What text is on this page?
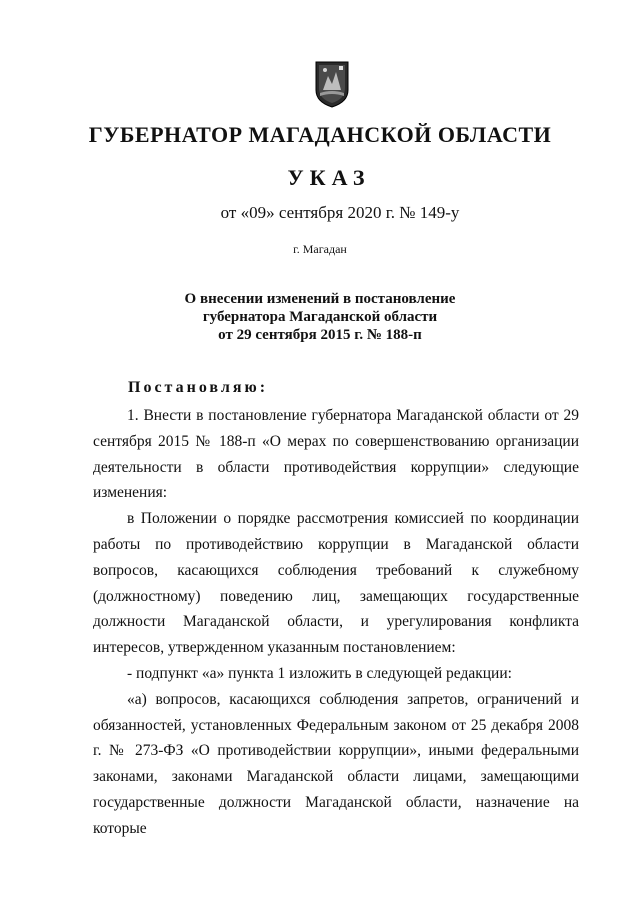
ГУБЕРНАТОР МАГАДАНСКОЙ ОБЛАСТИ
УКАЗ
от «09» сентября 2020 г. № 149-у
г. Магадан
О внесении изменений в постановление
губернатора Магаданской области
от 29 сентября 2015 г. № 188-п
Постановляю:

1. Внести в постановление губернатора Магаданской области от 29 сентября 2015 № 188-п «О мерах по совершенствованию организации деятельности в области противодействия коррупции» следующие изменения:

в Положении о порядке рассмотрения комиссией по координации работы по противодействию коррупции в Магаданской области вопросов, касающихся соблюдения требований к служебному (должностному) поведению лиц, замещающих государственные должности Магаданской области, и урегулирования конфликта интересов, утвержденном указанным постановлением:

- подпункт «а» пункта 1 изложить в следующей редакции:

«а) вопросов, касающихся соблюдения запретов, ограничений и обязанностей, установленных Федеральным законом от 25 декабря 2008 г. № 273-ФЗ «О противодействии коррупции», иными федеральными законами, законами Магаданской области лицами, замещающими государственные должности Магаданской области, назначение на которые
